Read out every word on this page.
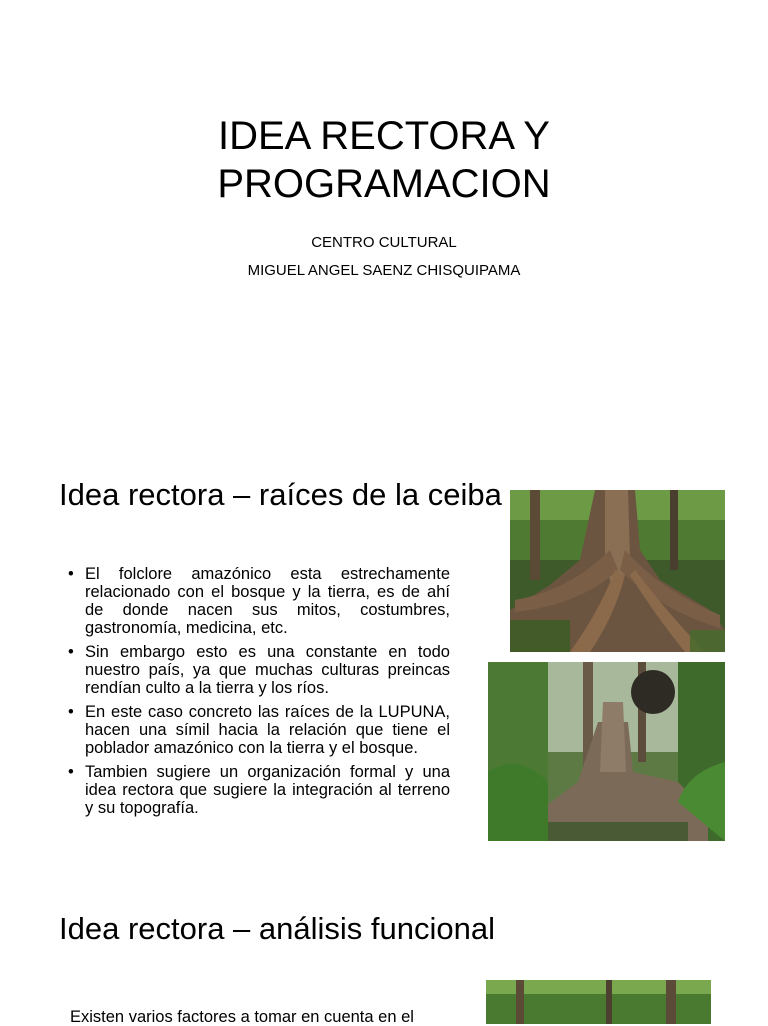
IDEA RECTORA Y
PROGRAMACION
CENTRO CULTURAL
MIGUEL ANGEL SAENZ CHISQUIPAMA
Idea rectora – raíces de la ceiba
• El folclore amazónico esta estrechamente relacionado con el bosque y la tierra, es de ahí de donde nacen sus mitos, costumbres, gastronomía, medicina, etc.
• Sin embargo esto es una constante en todo nuestro país, ya que muchas culturas preincas rendían culto a la tierra y los ríos.
• En este caso concreto las raíces de la LUPUNA, hacen una símil hacia la relación que tiene el poblador amazónico con la tierra y el bosque.
• Tambien sugiere un organización formal y una idea rectora que sugiere la integración al terreno y su topografía.
Idea rectora – análisis funcional
Existen varios factores a tomar en cuenta en el
